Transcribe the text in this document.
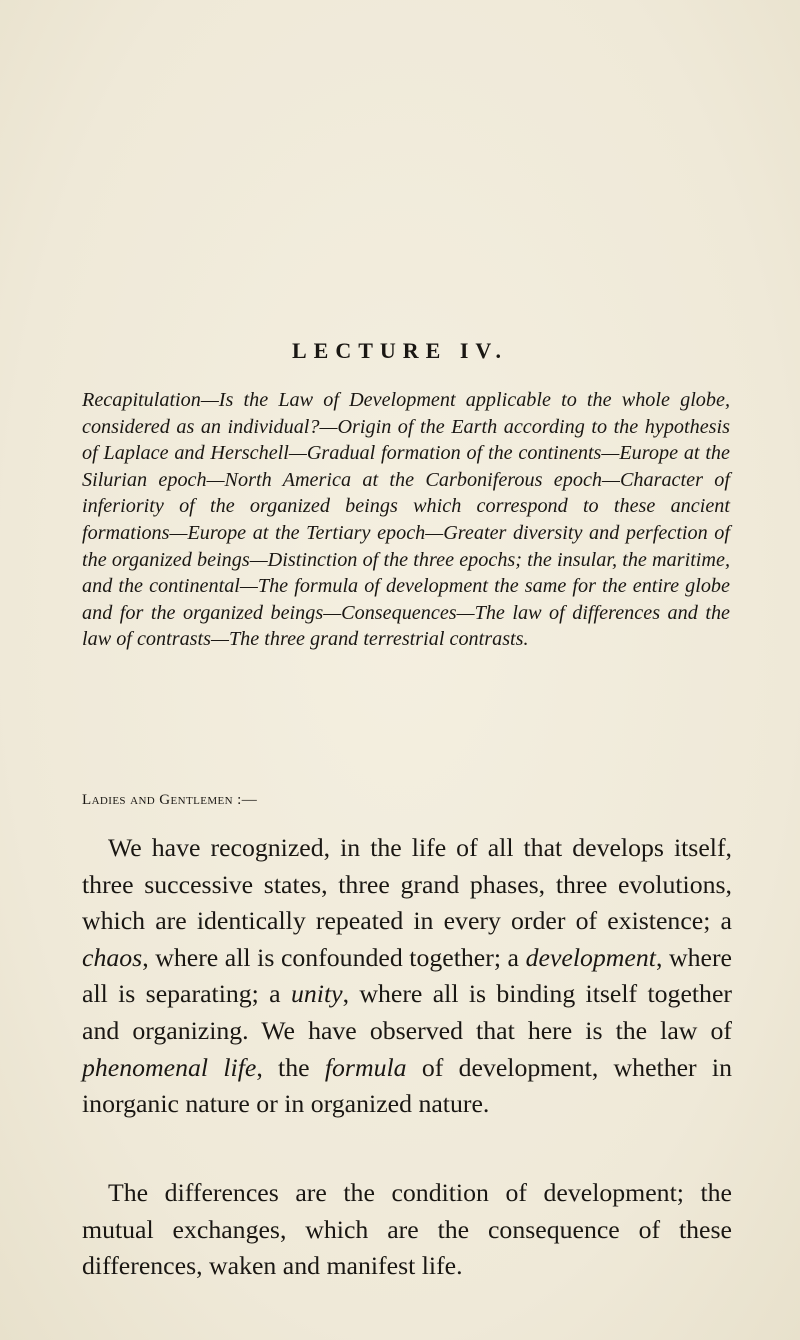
LECTURE IV.

Recapitulation—Is the Law of Development applicable to the whole globe, considered as an individual?—Origin of the Earth according to the hypothesis of Laplace and Herschell—Gradual formation of the continents—Europe at the Silurian epoch—North America at the Carboniferous epoch—Character of inferiority of the organized beings which correspond to these ancient formations—Europe at the Tertiary epoch—Greater diversity and perfection of the organized beings—Distinction of the three epochs; the insular, the maritime, and the continental—The formula of development the same for the entire globe and for the organized beings—Consequences—The law of differences and the law of contrasts—The three grand terrestrial contrasts.

Ladies and Gentlemen :—

We have recognized, in the life of all that develops itself, three successive states, three grand phases, three evolutions, which are identically repeated in every order of existence; a chaos, where all is confounded together; a development, where all is separating; a unity, where all is binding itself together and organizing. We have observed that here is the law of phenomenal life, the formula of development, whether in inorganic nature or in organized nature.

The differences are the condition of development; the mutual exchanges, which are the consequence of these differences, waken and manifest life.
